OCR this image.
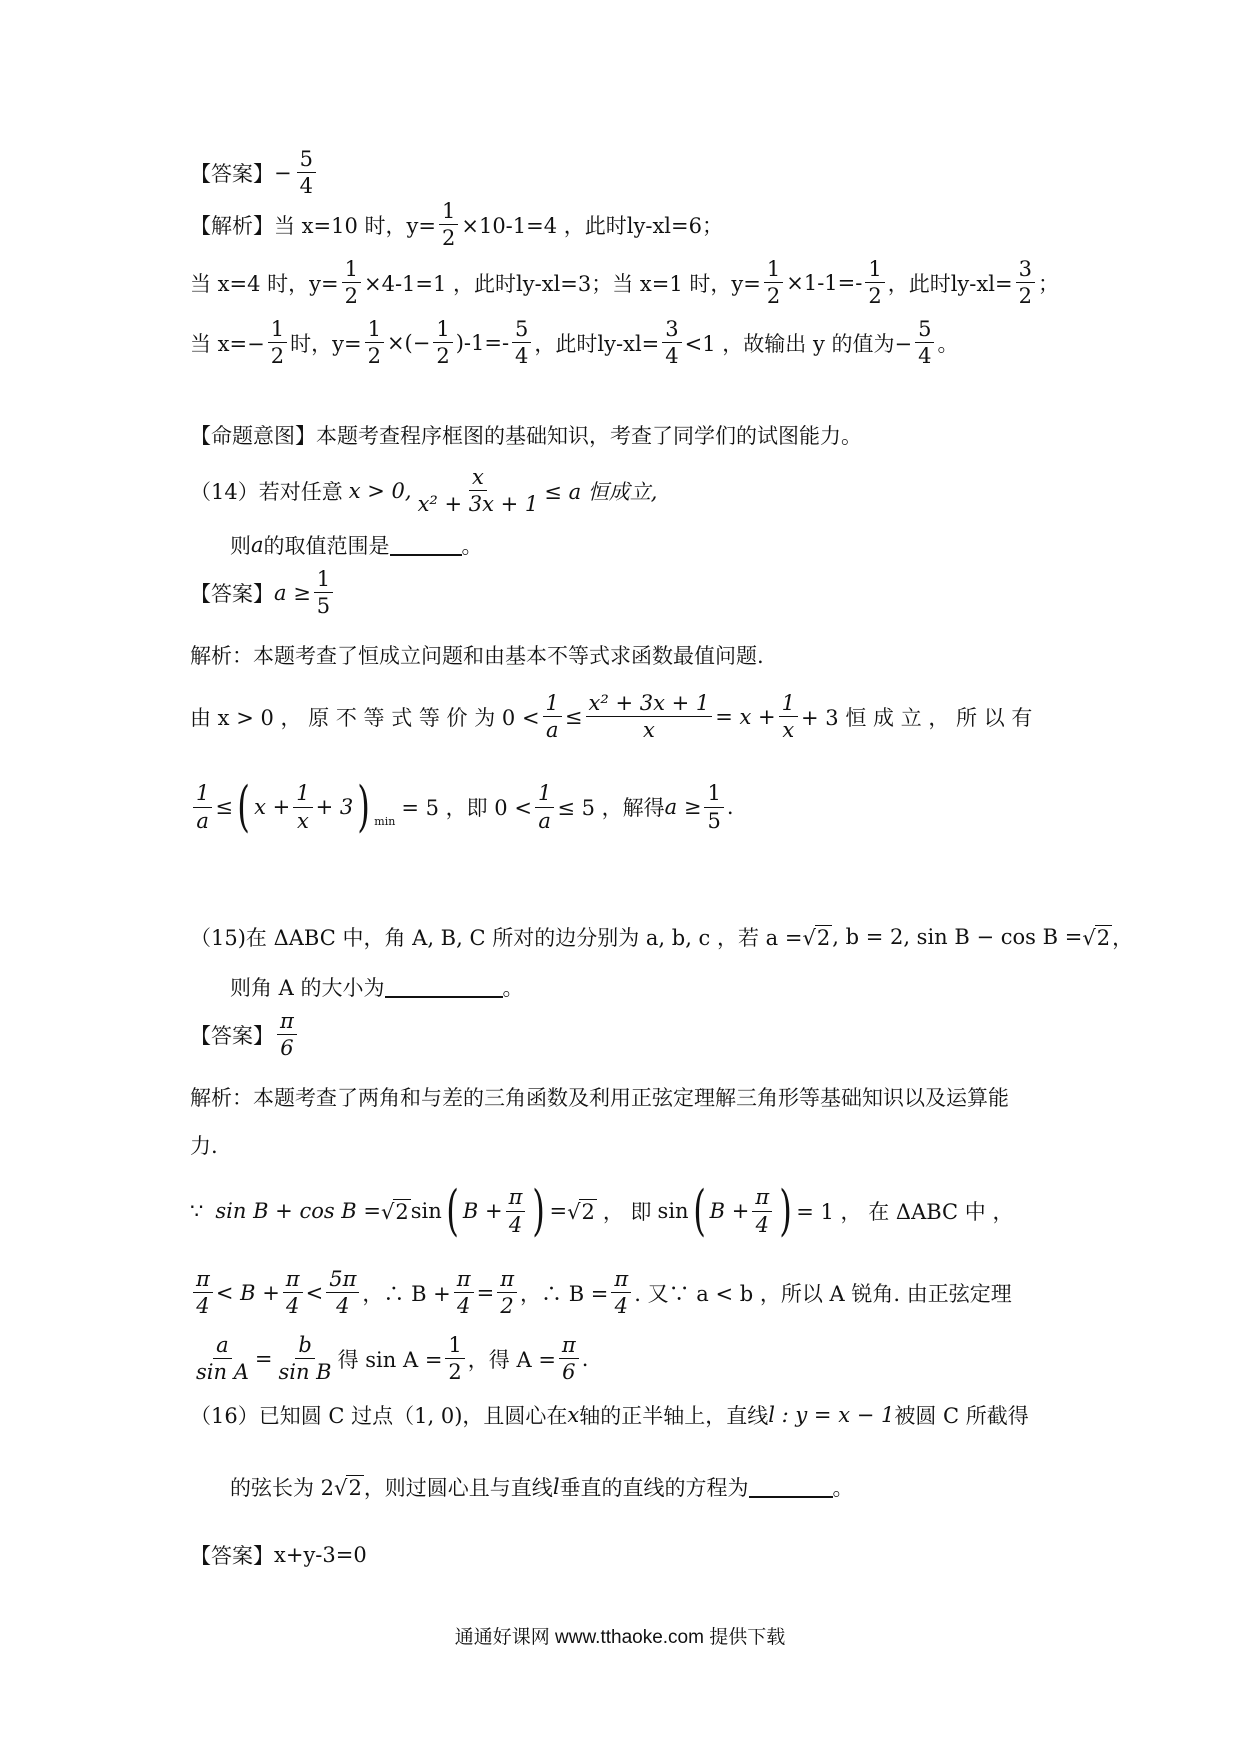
【答案】 − $\frac{5}{4}$
【解析】 当 x=10 时，$y= \frac{1}{2} \times 10-1=4$ ，此时ly-xl=6；
当 x=4 时，$y= \frac{1}{2} \times 4-1=1$ ，此时ly-xl=3；当 x=1 时，$y= \frac{1}{2} \times 1-1=- \frac{1}{2}$ ，此时$ly-xl= \frac{3}{2}$ ；
当 $x=- \frac{1}{2}$ 时，$y= \frac{1}{2}$ ×(− $\frac{1}{2} )-1=- \frac{5}{4}$ ，此时$ly-xl= \frac{3}{4} <1$ ，故输出 y 的值为− $\frac{5}{4}$ 。
【命题意图】 本题考查程序框图的基础知识，考查了同学们的试图能力。
（14）若对任意 x > 0, $\frac{x}{\text{x² + 3x + 1}} \le a$ 恒成立,
则 a 的取值范围是	。
【答案】 $a \ge \frac{1}{5}$
解析：本题考查了恒成立问题和由基本不等式求函数最值问题.
由 x > 0 ， 原 不 等 式 等 价 为 $0 < \frac{1}{a} \le \frac{\text{x² + 3x + 1}}{x} = x + \frac{1}{x} + 3$ 恒 成 立 ， 所 以 有
$\frac{1}{a}$ ≤ ( $x + \frac{1}{x} + 3$ ) min
= 5 ，即 $0 < \frac{1}{a} \le 5$ ，解得 $a \ge \frac{1}{5}$ .
（15)在 ΔABC 中，角 A, B, C 所对的边分别为 a, b, c ，若 a = √ 2 , b = 2, sin B − cos B = √ 2 ，
则角 A 的大小为	。
【答案】 $\frac{\pi}{6}$
解析：本题考查了两角和与差的三角函数及利用正弦定理解三角形等基础知识以及运算能
力.
∵ sin B + cos B = √ 2 sin ( $B + \frac{\pi}{4}$ ) = √ 2 ， 即 sin ( $B + \frac{\pi}{4}$ ) = 1 ， 在 ΔABC 中 ，
$\frac{\pi}{4} < B + \frac{\pi}{4} < \frac{5\pi}{4}$ ，∴ $B + \frac{\pi}{4} = \frac{\pi}{2}$ ，∴ $B = \frac{\pi}{4}$ . 又∵ a < b ，所以 A 锐角. 由正弦定理
$\frac{a}{\text{sin A}} = \frac{b}{\text{sin B}}$ 得 $\sin A = \frac{1}{2}$ ，得 $A = \frac{\pi}{6}$ .
（16）已知圆 C 过点（1, 0)，且圆心在 x 轴的正半轴上，直线 l : y = x − 1 被圆 C 所截得
的弦长为 2 √ 2 ，则过圆心且与直线 l 垂直的直线的方程为	。
【答案】 x+y-3=0
通通好课网 www.tthaoke.com 提供下载
